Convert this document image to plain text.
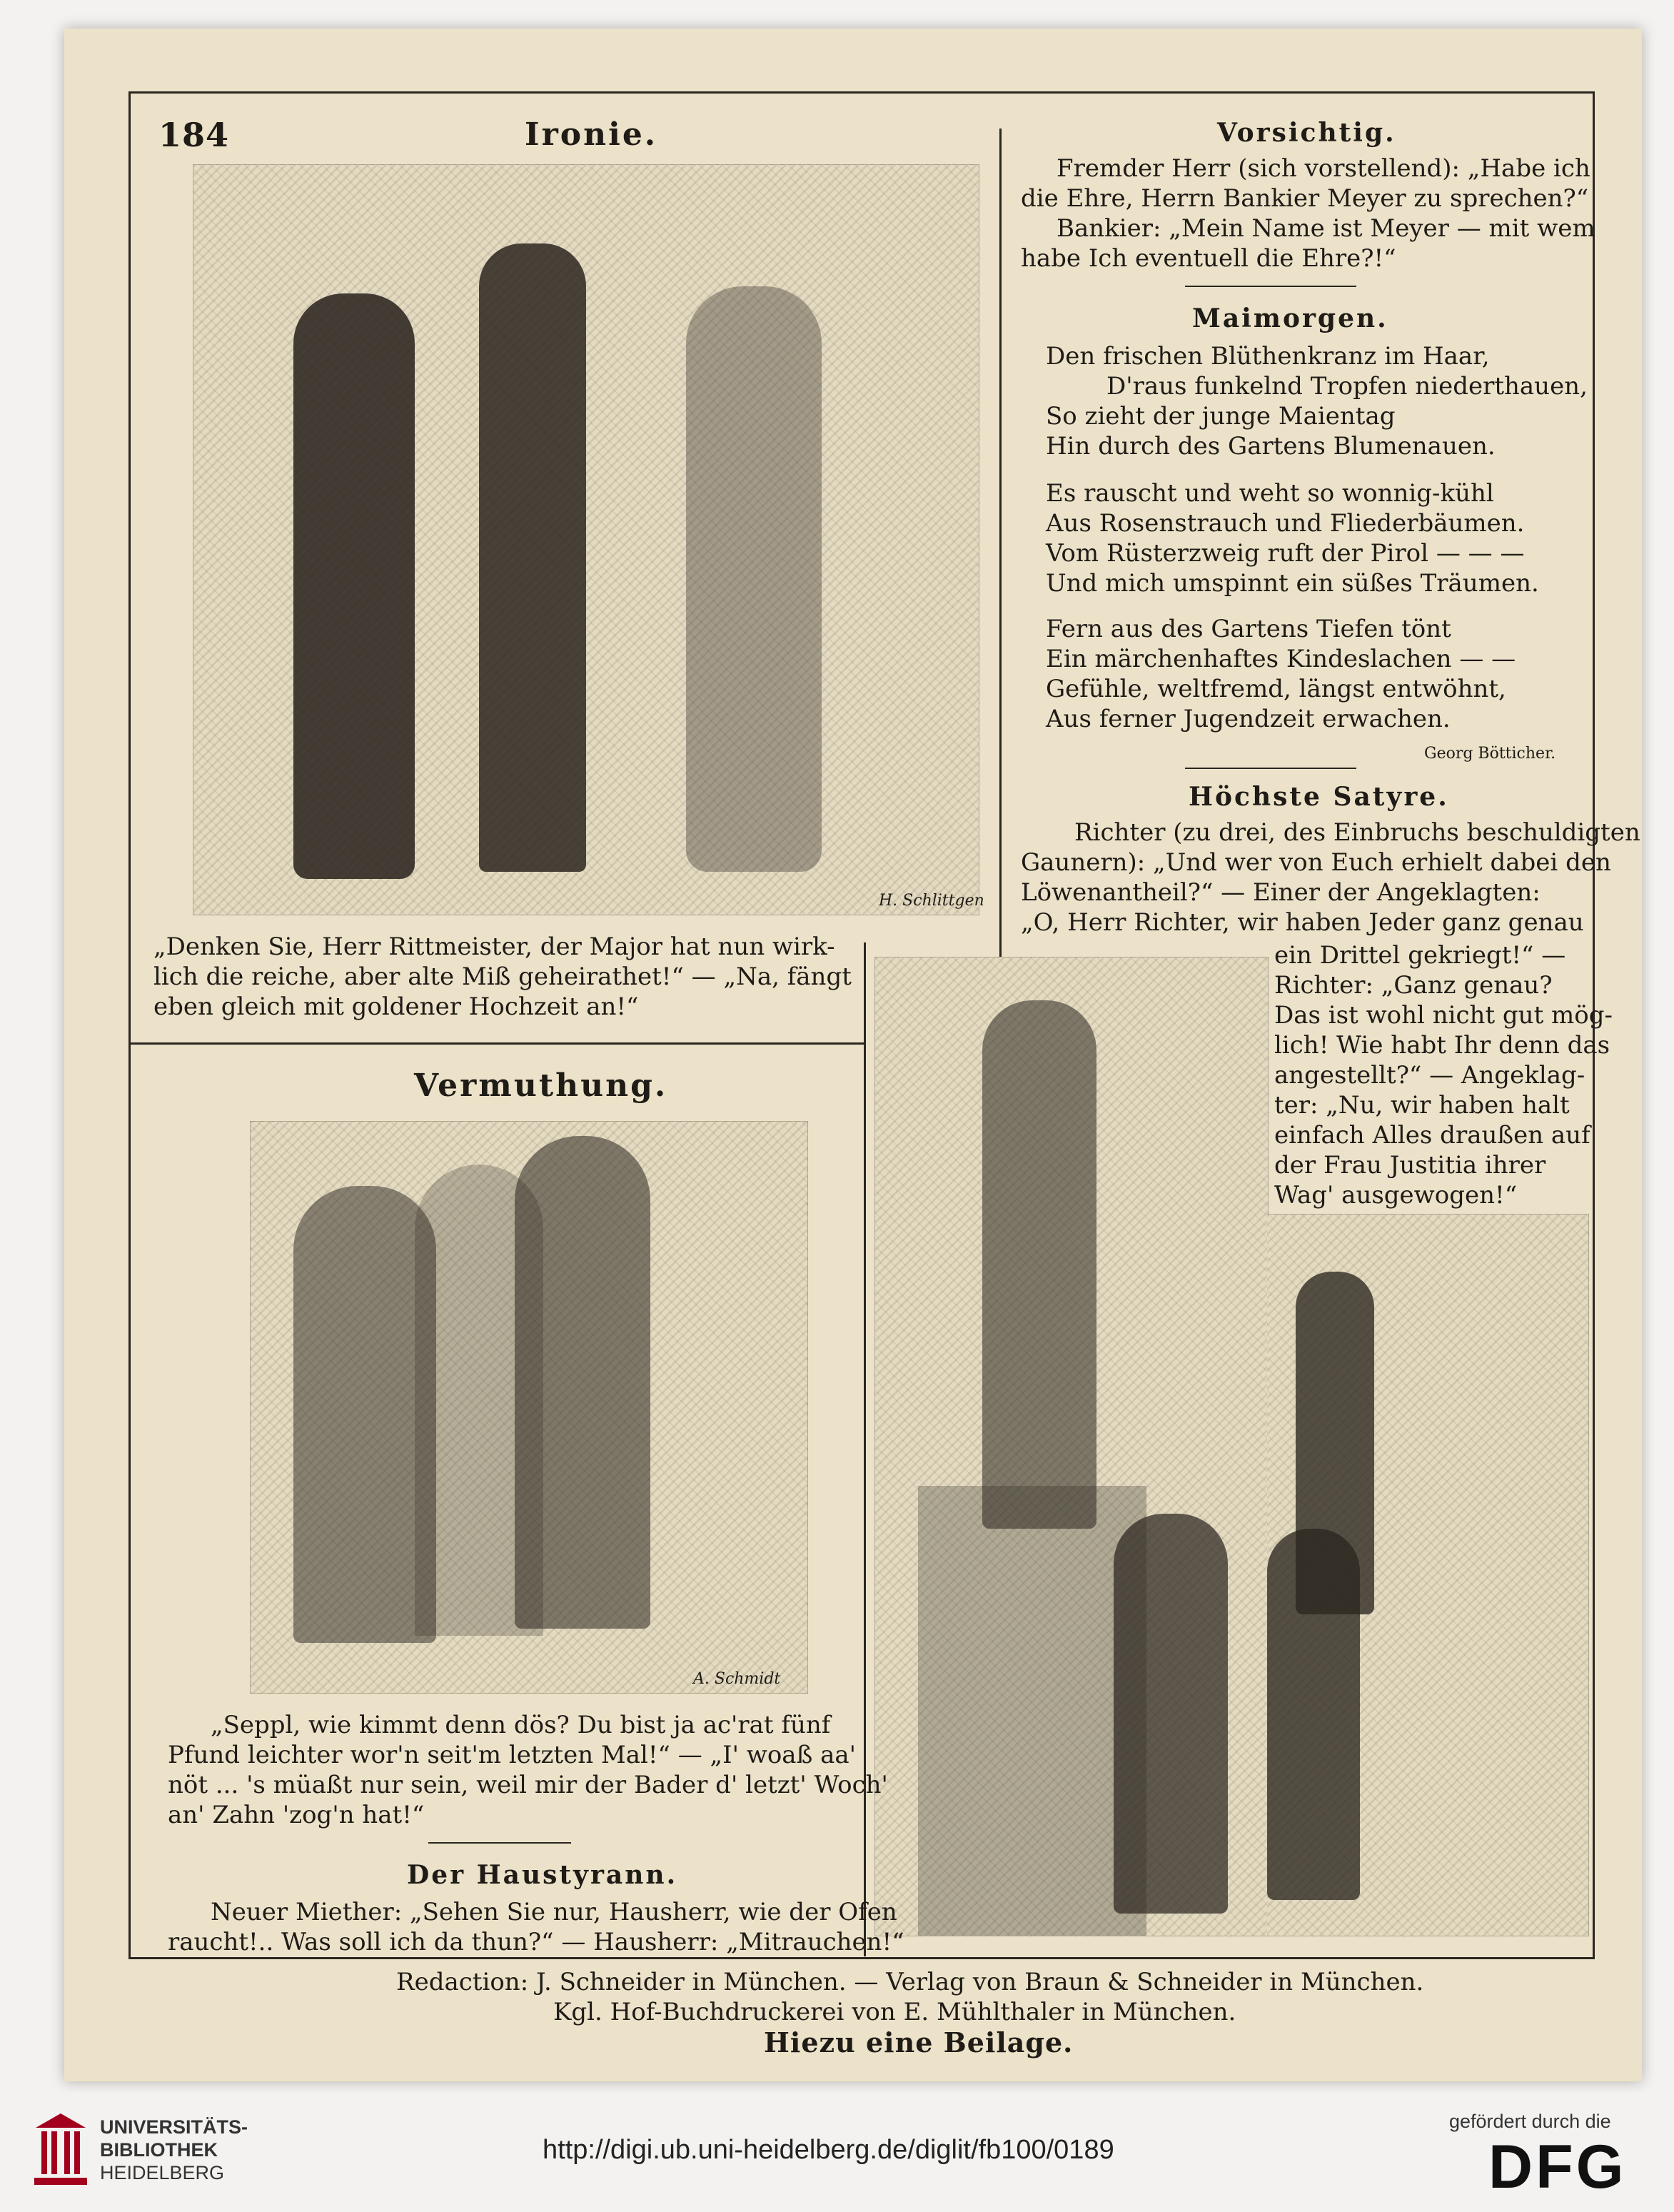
184	Ironie.
H. Schlittgen
„Denken Sie, Herr Rittmeister, der Major hat nun wirk-
lich die reiche, aber alte Miß geheirathet!“ — „Na, fängt
eben gleich mit goldener Hochzeit an!“
Vorsichtig.
Fremder Herr (sich vorstellend): „Habe ich
die Ehre, Herrn Bankier Meyer zu sprechen?“
Bankier: „Mein Name ist Meyer — mit wem
habe Ich eventuell die Ehre?!“
Maimorgen.
Den frischen Blüthenkranz im Haar,
D'raus funkelnd Tropfen niederthauen,
So zieht der junge Maientag
Hin durch des Gartens Blumenauen.
Es rauscht und weht so wonnig-kühl
Aus Rosenstrauch und Fliederbäumen.
Vom Rüsterzweig ruft der Pirol — — —
Und mich umspinnt ein süßes Träumen.
Fern aus des Gartens Tiefen tönt
Ein märchenhaftes Kindeslachen — —
Gefühle, weltfremd, längst entwöhnt,
Aus ferner Jugendzeit erwachen.
Georg Bötticher.
Höchste Satyre.
Richter (zu drei, des Einbruchs beschuldigten
Gaunern): „Und wer von Euch erhielt dabei den
Löwenantheil?“ — Einer der Angeklagten:
„O, Herr Richter, wir haben Jeder ganz genau
ein Drittel gekriegt!“ —
Richter: „Ganz genau?
Das ist wohl nicht gut mög-
lich! Wie habt Ihr denn das
angestellt?“ — Angeklag-
ter: „Nu, wir haben halt
einfach Alles draußen auf
der Frau Justitia ihrer
Wag' ausgewogen!“
Vermuthung.
A. Schmidt
„Seppl, wie kimmt denn dös? Du bist ja ac'rat fünf
Pfund leichter wor'n seit'm letzten Mal!“ — „I' woaß aa'
nöt ... 's müaßt nur sein, weil mir der Bader d' letzt' Woch'
an' Zahn 'zog'n hat!“
Der Haustyrann.
Neuer Miether: „Sehen Sie nur, Hausherr, wie der Ofen
raucht!.. Was soll ich da thun?“ — Hausherr: „Mitrauchen!“
Redaction: J. Schneider in München. — Verlag von Braun & Schneider in München.
Kgl. Hof-Buchdruckerei von E. Mühlthaler in München.
Hiezu eine Beilage.
UNIVERSITÄTS-
BIBLIOTHEK
HEIDELBERG
http://digi.ub.uni-heidelberg.de/diglit/fb100/0189
gefördert durch die
DFG
